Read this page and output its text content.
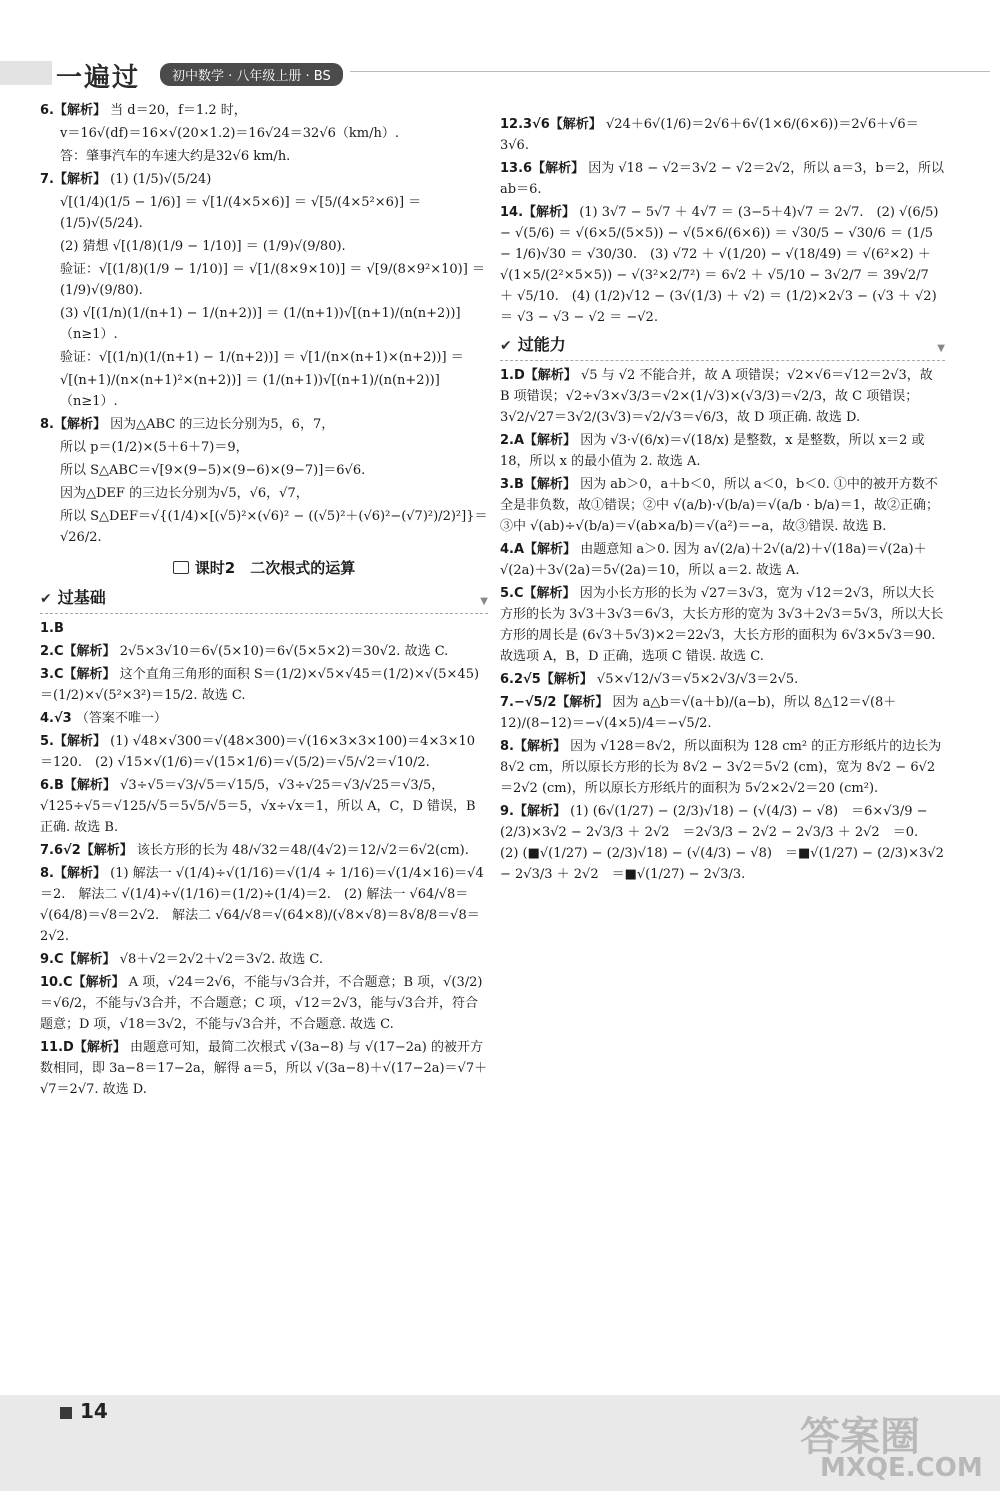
一遍过	初中数学 · 八年级上册 · BS

6.【解析】 当 d＝20，f＝1.2 时，

v＝16√(df)＝16×√(20×1.2)＝16√24＝32√6（km/h）.

答：肇事汽车的车速大约是32√6 km/h.

7.【解析】 (1) (1/5)√(5/24)

√[(1/4)(1/5 − 1/6)] ＝ √[1/(4×5×6)] ＝ √[5/(4×5²×6)] ＝ (1/5)√(5/24).

(2) 猜想 √[(1/8)(1/9 − 1/10)] ＝ (1/9)√(9/80).

验证：√[(1/8)(1/9 − 1/10)] ＝ √[1/(8×9×10)] ＝ √[9/(8×9²×10)] ＝ (1/9)√(9/80).

(3) √[(1/n)(1/(n+1) − 1/(n+2))] ＝ (1/(n+1))√[(n+1)/(n(n+2))]（n≥1）.

验证：√[(1/n)(1/(n+1) − 1/(n+2))] ＝ √[1/(n×(n+1)×(n+2))] ＝

√[(n+1)/(n×(n+1)²×(n+2))] ＝ (1/(n+1))√[(n+1)/(n(n+2))]（n≥1）.

8.【解析】 因为△ABC 的三边长分别为5，6，7，

所以 p＝(1/2)×(5＋6＋7)＝9，

所以 S△ABC＝√[9×(9−5)×(9−6)×(9−7)]＝6√6.

因为△DEF 的三边长分别为√5，√6，√7，

所以 S△DEF＝√{(1/4)×[(√5)²×(√6)² − ((√5)²＋(√6)²−(√7)²)/2)²]}＝√26/2.

课时2　二次根式的运算
✔ 过基础	▼

1.B

2.C【解析】 2√5×3√10＝6√(5×10)＝6√(5×5×2)＝30√2. 故选 C.

3.C【解析】 这个直角三角形的面积 S＝(1/2)×√5×√45＝(1/2)×√(5×45)＝(1/2)×√(5²×3²)＝15/2. 故选 C.

4.√3 （答案不唯一）

5.【解析】 (1) √48×√300＝√(48×300)＝√(16×3×3×100)＝4×3×10＝120.　(2) √15×√(1/6)＝√(15×1/6)＝√(5/2)＝√5/√2＝√10/2.

6.B【解析】 √3÷√5＝√3/√5＝√15/5，√3÷√25＝√3/√25＝√3/5，√125÷√5＝√125/√5＝5√5/√5＝5，√x÷√x＝1，所以 A，C，D 错误，B 正确. 故选 B.

7.6√2【解析】 该长方形的长为 48/√32＝48/(4√2)＝12/√2＝6√2(cm).

8.【解析】 (1) 解法一 √(1/4)÷√(1/16)＝√(1/4 ÷ 1/16)＝√(1/4×16)＝√4＝2.　解法二 √(1/4)÷√(1/16)＝(1/2)÷(1/4)＝2.　(2) 解法一 √64/√8＝√(64/8)＝√8＝2√2.　解法二 √64/√8＝√(64×8)/(√8×√8)＝8√8/8＝√8＝2√2.

9.C【解析】 √8＋√2＝2√2＋√2＝3√2. 故选 C.

10.C【解析】 A 项，√24＝2√6，不能与√3合并，不合题意；B 项，√(3/2)＝√6/2，不能与√3合并，不合题意；C 项，√12＝2√3，能与√3合并，符合题意；D 项，√18＝3√2，不能与√3合并，不合题意. 故选 C.

11.D【解析】 由题意可知，最简二次根式 √(3a−8) 与 √(17−2a) 的被开方数相同，即 3a−8＝17−2a，解得 a＝5，所以 √(3a−8)＋√(17−2a)＝√7＋√7＝2√7. 故选 D.

12.3√6【解析】 √24＋6√(1/6)＝2√6＋6√(1×6/(6×6))＝2√6＋√6＝3√6.

13.6【解析】 因为 √18 − √2＝3√2 − √2＝2√2，所以 a＝3，b＝2，所以 ab＝6.

14.【解析】 (1) 3√7 − 5√7 ＋ 4√7 ＝ (3−5＋4)√7 ＝ 2√7.　(2) √(6/5) − √(5/6) ＝ √(6×5/(5×5)) − √(5×6/(6×6)) ＝ √30/5 − √30/6 ＝ (1/5 − 1/6)√30 ＝ √30/30.　(3) √72 ＋ √(1/20) − √(18/49) ＝ √(6²×2) ＋ √(1×5/(2²×5×5)) − √(3²×2/7²) ＝ 6√2 ＋ √5/10 − 3√2/7 ＝ 39√2/7 ＋ √5/10.　(4) (1/2)√12 − (3√(1/3) ＋ √2) ＝ (1/2)×2√3 − (√3 ＋ √2) ＝ √3 − √3 − √2 ＝ −√2.

✔ 过能力	▼

1.D【解析】 √5 与 √2 不能合并，故 A 项错误；√2×√6＝√12＝2√3，故 B 项错误；√2÷√3×√3/3＝√2×(1/√3)×(√3/3)＝√2/3，故 C 项错误；3√2/√27＝3√2/(3√3)＝√2/√3＝√6/3，故 D 项正确. 故选 D.

2.A【解析】 因为 √3·√(6/x)＝√(18/x) 是整数，x 是整数，所以 x＝2 或 18，所以 x 的最小值为 2. 故选 A.

3.B【解析】 因为 ab＞0，a＋b＜0，所以 a＜0，b＜0. ①中的被开方数不全是非负数，故①错误；②中 √(a/b)·√(b/a)＝√(a/b · b/a)＝1，故②正确；③中 √(ab)÷√(b/a)＝√(ab×a/b)＝√(a²)＝−a，故③错误. 故选 B.

4.A【解析】 由题意知 a＞0. 因为 a√(2/a)＋2√(a/2)＋√(18a)＝√(2a)＋√(2a)＋3√(2a)＝5√(2a)＝10，所以 a＝2. 故选 A.

5.C【解析】 因为小长方形的长为 √27＝3√3，宽为 √12＝2√3，所以大长方形的长为 3√3＋3√3＝6√3，大长方形的宽为 3√3＋2√3＝5√3，所以大长方形的周长是 (6√3＋5√3)×2＝22√3，大长方形的面积为 6√3×5√3＝90. 故选项 A，B，D 正确，选项 C 错误. 故选 C.

6.2√5【解析】 √5×√12/√3＝√5×2√3/√3＝2√5.

7.−√5/2【解析】 因为 a△b＝√(a＋b)/(a−b)，所以 8△12＝√(8＋12)/(8−12)＝−√(4×5)/4＝−√5/2.

8.【解析】 因为 √128＝8√2，所以面积为 128 cm² 的正方形纸片的边长为 8√2 cm，所以原长方形的长为 8√2 − 3√2＝5√2 (cm)，宽为 8√2 − 6√2＝2√2 (cm)，所以原长方形纸片的面积为 5√2×2√2＝20 (cm²).

9.【解析】 (1) (6√(1/27) − (2/3)√18) − (√(4/3) − √8)　＝6×√3/9 − (2/3)×3√2 − 2√3/3 ＋ 2√2　＝2√3/3 − 2√2 − 2√3/3 ＋ 2√2　＝0.　(2) (■√(1/27) − (2/3)√18) − (√(4/3) − √8)　＝■√(1/27) − (2/3)×3√2 − 2√3/3 ＋ 2√2　＝■√(1/27) − 2√3/3.

14
答案圈
MXQE.COM
